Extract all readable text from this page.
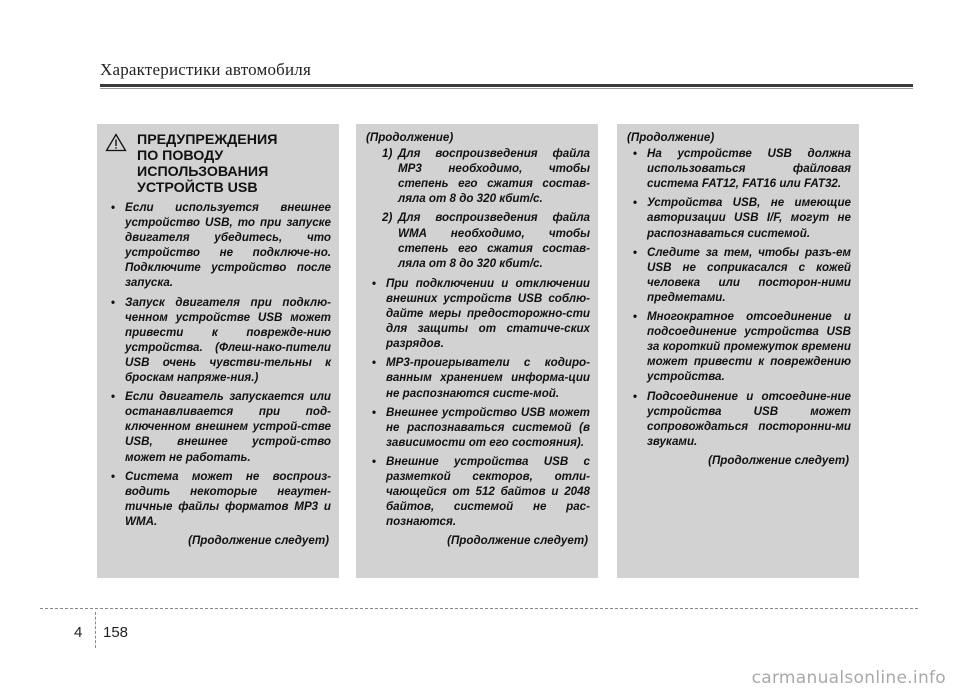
Характеристики автомобиля
ПРЕДУПРЕЖДЕНИЯ
ПО ПОВОДУ
ИСПОЛЬЗОВАНИЯ
УСТРОЙСТВ USB
• Если используется внешнее устройство USB, то при запуске двигателя убедитесь, что устройство не подключе-но. Подключите устройство после запуска.
• Запуск двигателя при подклю-ченном устройстве USB может привести к поврежде-нию устройства. (Флеш-нако-пители USB очень чувстви-тельны к броскам напряже-ния.)
• Если двигатель запускается или останавливается при под-ключенном внешнем устрой-стве USB, внешнее устрой-ство может не работать.
• Система может не воспроиз-водить некоторые неаутен-тичные файлы форматов MP3 и WMA.
(Продолжение следует)
(Продолжение)
1) Для воспроизведения файла MP3 необходимо, чтобы степень его сжатия состав-ляла от 8 до 320 кбит/с.
2) Для воспроизведения файла WMA необходимо, чтобы степень его сжатия состав-ляла от 8 до 320 кбит/с.
• При подключении и отключении внешних устройств USB соблю-дайте меры предосторожно-сти для защиты от статиче-ских разрядов.
• MP3-проигрыватели с кодиро-ванным хранением информа-ции не распознаются систе-мой.
• Внешнее устройство USB может не распознаваться системой (в зависимости от его состояния).
• Внешние устройства USB с разметкой секторов, отли-чающейся от 512 байтов и 2048 байтов, системой не рас-познаются.
(Продолжение следует)
(Продолжение)
• На устройстве USB должна использоваться файловая система FAT12, FAT16 или FAT32.
• Устройства USB, не имеющие авторизации USB I/F, могут не распознаваться системой.
• Следите за тем, чтобы разъ-ем USB не соприкасался с кожей человека или посторон-ними предметами.
• Многократное отсоединение и подсоединение устройства USB за короткий промежуток времени может привести к повреждению устройства.
• Подсоединение и отсоедине-ние устройства USB может сопровождаться посторонни-ми звуками.
(Продолжение следует)
4 158
carmanualsonline.info
